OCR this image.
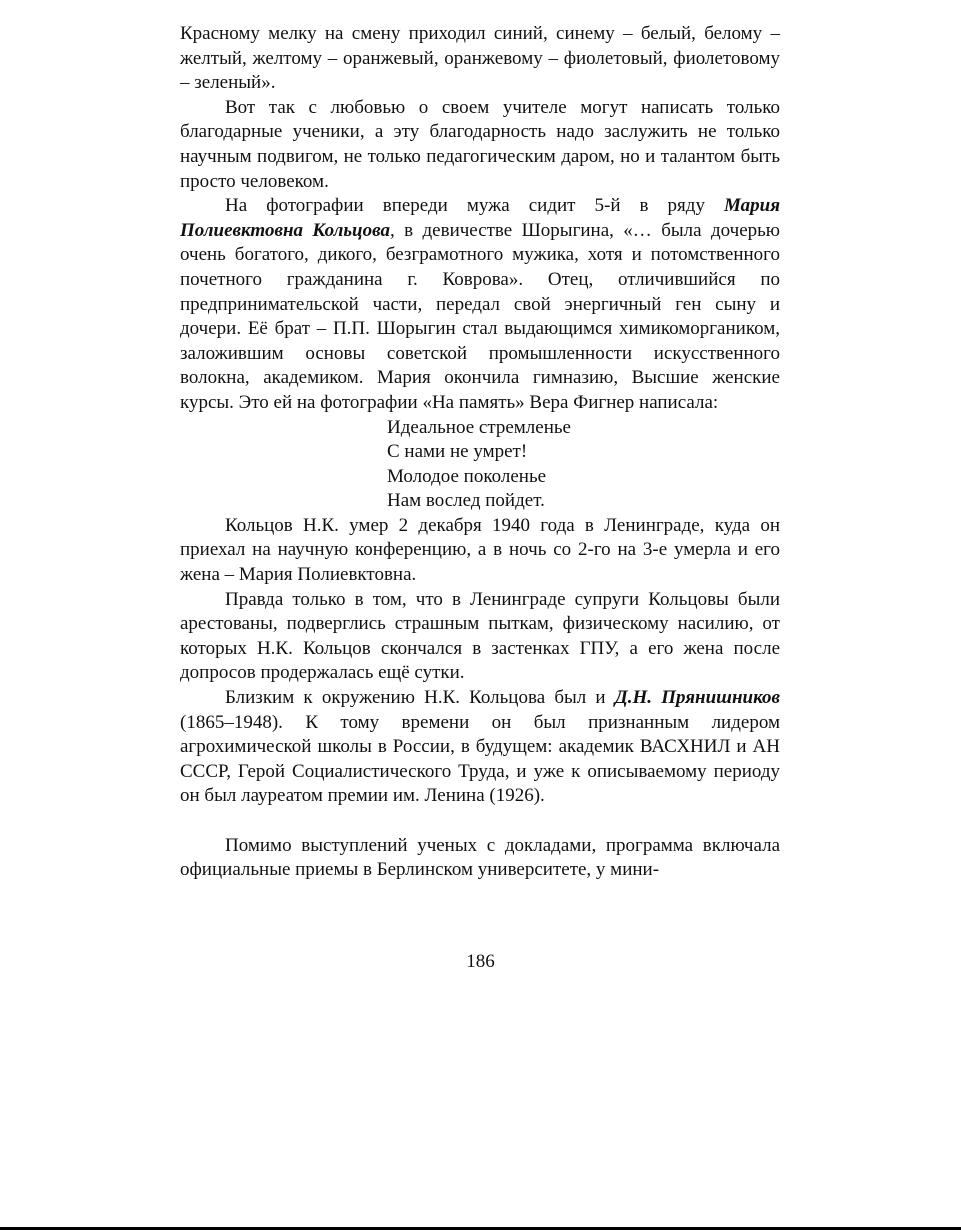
Красному мелку на смену приходил синий, синему – белый, белому – желтый, желтому – оранжевый, оранжевому – фиолетовый, фиолетовому – зеленый».

Вот так с любовью о своем учителе могут написать только благодарные ученики, а эту благодарность надо заслужить не только научным подвигом, не только педагогическим даром, но и талантом быть просто человеком.

На фотографии впереди мужа сидит 5-й в ряду Мария Полиевктовна Кольцова, в девичестве Шорыгина, «… была дочерью очень богатого, дикого, безграмотного мужика, хотя и потомственного почетного гражданина г. Коврова». Отец, отличившийся по предпринимательской части, передал свой энергичный ген сыну и дочери. Её брат – П.П. Шорыгин стал выдающимся химикоморгаником, заложившим основы советской промышленности искусственного волокна, академиком. Мария окончила гимназию, Высшие женские курсы. Это ей на фотографии «На память» Вера Фигнер написала:

Идеальное стремленье
С нами не умрет!
Молодое поколенье
Нам вослед пойдет.

Кольцов Н.К. умер 2 декабря 1940 года в Ленинграде, куда он приехал на научную конференцию, а в ночь со 2-го на 3-е умерла и его жена – Мария Полиевктовна.

Правда только в том, что в Ленинграде супруги Кольцовы были арестованы, подверглись страшным пыткам, физическому насилию, от которых Н.К. Кольцов скончался в застенках ГПУ, а его жена после допросов продержалась ещё сутки.

Близким к окружению Н.К. Кольцова был и Д.Н. Прянишников (1865–1948). К тому времени он был признанным лидером агрохимической школы в России, в будущем: академик ВАСХНИЛ и АН СССР, Герой Социалистического Труда, и уже к описываемому периоду он был лауреатом премии им. Ленина (1926).

Помимо выступлений ученых с докладами, программа включала официальные приемы в Берлинском университете, у мини-

186
